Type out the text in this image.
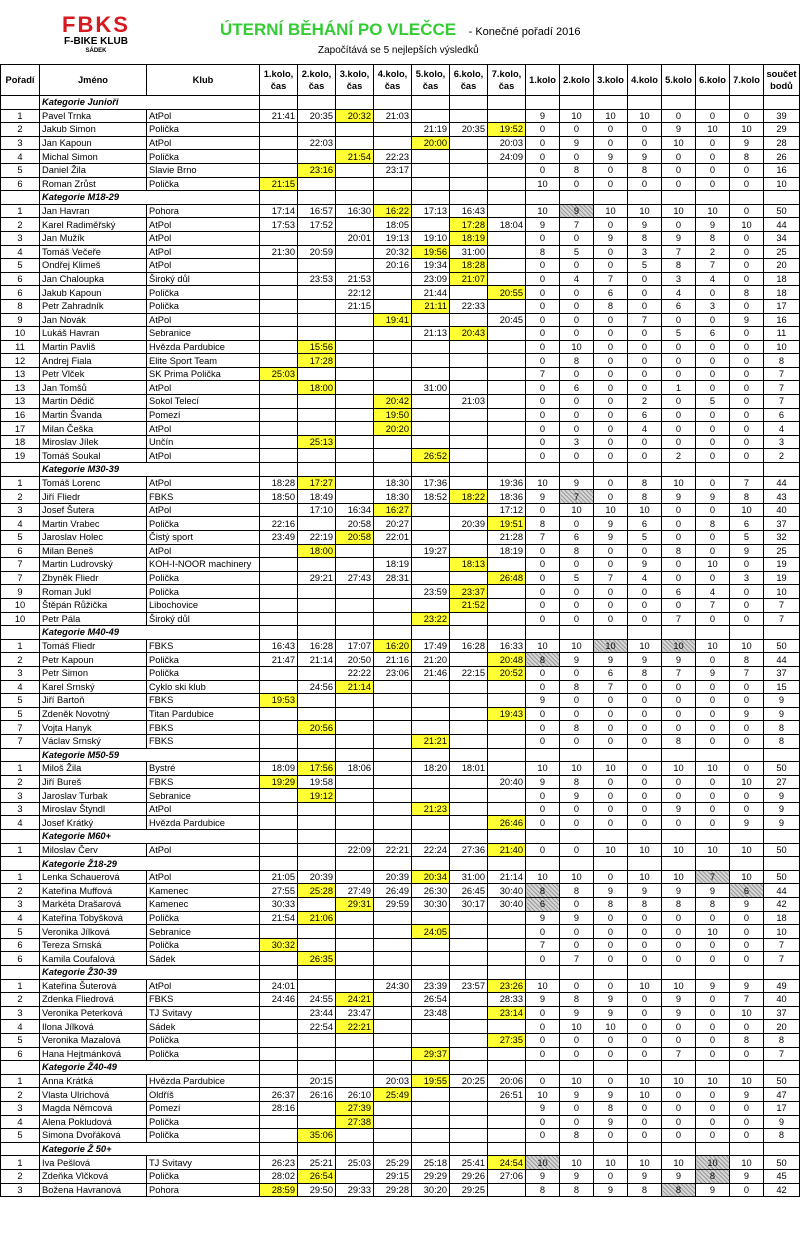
FBKS
F-BIKE KLUB
SÁDEK
ÚTERNÍ BĚHÁNÍ PO VLEČCE - Konečné pořadí 2016
Započítává se 5 nejlepších výsledků
Pořadí	Jméno	Klub	1.kolo, čas	2.kolo, čas	3.kolo, čas	4.kolo, čas	5.kolo, čas	6.kolo, čas	7.kolo, čas	1.kolo	2.kolo	3.kolo	4.kolo	5.kolo	6.kolo	7.kolo	součet bodů
	Kategorie Junioři																
1	Pavel Trnka	AtPol	21:41	20:35	20:32	21:03				9	10	10	10	0	0	0	39
2	Jakub Simon	Polička					21:19	20:35	19:52	0	0	0	0	9	10	10	29
3	Jan Kapoun	AtPol		22:03			20:00		20:03	0	9	0	0	10	0	9	28
4	Michal Simon	Polička			21:54	22:23			24:09	0	0	9	9	0	0	8	26
5	Daniel Žila	Slavie Brno		23:16		23:17				0	8	0	8	0	0	0	16
6	Roman Zrůst	Polička	21:15							10	0	0	0	0	0	0	10
	Kategorie M18-29																
1	Jan Havran	Pohora	17:14	16:57	16:30	16:22	17:13	16:43		10	9	10	10	10	10	0	50
2	Karel Radiměřský	AtPol	17:53	17:52		18:05		17:28	18:04	9	7	0	9	0	9	10	44
3	Jan Mužík	AtPol			20:01	19:13	19:10	18:19		0	0	9	8	9	8	0	34
4	Tomáš Večeře	AtPol	21:30	20:59		20:32	19:56	31:00		8	5	0	3	7	2	0	25
5	Ondřej Klimeš	AtPol				20:16	19:34	18:28		0	0	0	5	8	7	0	20
6	Jan Chaloupka	Široký důl		23:53	21:53		23:09	21:07		0	4	7	0	3	4	0	18
6	Jakub Kapoun	Polička			22:12		21:44		20:55	0	0	6	0	4	0	8	18
8	Petr Zahradník	Polička			21:15		21:11	22:33		0	0	8	0	6	3	0	17
9	Jan Novák	AtPol				19:41			20:45	0	0	0	7	0	0	9	16
10	Lukáš Havran	Sebranice					21:13	20:43		0	0	0	0	5	6	0	11
11	Martin Pavliš	Hvězda Pardubice		15:56						0	10	0	0	0	0	0	10
12	Andrej Fiala	Elite Sport Team		17:28						0	8	0	0	0	0	0	8
13	Petr Vlček	SK Prima Polička	25:03							7	0	0	0	0	0	0	7
13	Jan Tomšů	AtPol		18:00			31:00			0	6	0	0	1	0	0	7
13	Martin Dědič	Sokol Telecí				20:42		21:03		0	0	0	2	0	5	0	7
16	Martin Švanda	Pomezí				19:50				0	0	0	6	0	0	0	6
17	Milan Češka	AtPol				20:20				0	0	0	4	0	0	0	4
18	Miroslav Jílek	Unčín		25:13						0	3	0	0	0	0	0	3
19	Tomáš Soukal	AtPol					26:52			0	0	0	0	2	0	0	2
	Kategorie M30-39																
1	Tomáš Lorenc	AtPol	18:28	17:27		18:30	17:36		19:36	10	9	0	8	10	0	7	44
2	Jiří Fliedr	FBKS	18:50	18:49		18:30	18:52	18:22	18:36	9	7	0	8	9	9	8	43
3	Josef Šutera	AtPol		17:10	16:34	16:27			17:12	0	10	10	10	0	0	10	40
4	Martin Vrabec	Polička	22:16		20:58	20:27		20:39	19:51	8	0	9	6	0	8	6	37
5	Jaroslav Holec	Čistý sport	23:49	22:19	20:58	22:01			21:28	7	6	9	5	0	0	5	32
6	Milan Beneš	AtPol		18:00			19:27		18:19	0	8	0	0	8	0	9	25
7	Martin Ludrovský	KOH-I-NOOR machinery				18:19		18:13		0	0	0	9	0	10	0	19
7	Zbyněk Fliedr	Polička		29:21	27:43	28:31			26:48	0	5	7	4	0	0	3	19
9	Roman Jukl	Polička					23:59	23:37		0	0	0	0	6	4	0	10
10	Štěpán Růžička	Libochovice						21:52		0	0	0	0	0	7	0	7
10	Petr Pála	Široký důl					23:22			0	0	0	0	7	0	0	7
	Kategorie M40-49																
1	Tomáš Fliedr	FBKS	16:43	16:28	17:07	16:20	17:49	16:28	16:33	10	10	10	10	10	10	10	50
2	Petr Kapoun	Polička	21:47	21:14	20:50	21:16	21:20		20:48	8	9	9	9	9	0	8	44
3	Petr Simon	Polička			22:22	23:06	21:46	22:15	20:52	0	0	6	8	7	9	7	37
4	Karel Srnský	Cyklo ski klub		24:56	21:14					0	8	7	0	0	0	0	15
5	Jiří Bartoň	FBKS	19:53							9	0	0	0	0	0	0	9
5	Zdeněk Novotný	Titan Pardubice							19:43	0	0	0	0	0	0	9	9
7	Vojta Hanyk	FBKS		20:56						0	8	0	0	0	0	0	8
7	Václav Srnský	FBKS					21:21			0	0	0	0	8	0	0	8
	Kategorie M50-59																
1	Miloš Žila	Bystré	18:09	17:56	18:06		18:20	18:01		10	10	10	0	10	10	0	50
2	Jiří Bureš	FBKS	19:29	19:58					20:40	9	8	0	0	0	0	10	27
3	Jaroslav Turbak	Sebranice		19:12						0	9	0	0	0	0	0	9
3	Miroslav Štyndl	AtPol					21:23			0	0	0	0	9	0	0	9
4	Josef Krátký	Hvězda Pardubice							26:46	0	0	0	0	0	0	9	9
	Kategorie M60+																
1	Miloslav Červ	AtPol			22:09	22:21	22:24	27:36	21:40	0	0	10	10	10	10	10	50
	Kategorie Ž18-29																
1	Lenka Schauerová	AtPol	21:05	20:39		20:39	20:34	31:00	21:14	10	10	0	10	10	7	10	50
2	Kateřina Muffová	Kamenec	27:55	25:28	27:49	26:49	26:30	26:45	30:40	8	8	9	9	9	9	6	44
3	Markéta Drašarová	Kamenec	30:33		29:31	29:59	30:30	30:17	30:40	6	0	8	8	8	8	9	42
4	Kateřina Tobyšková	Polička	21:54	21:06						9	9	0	0	0	0	0	18
5	Veronika Jílková	Sebranice					24:05			0	0	0	0	0	10	0	10
6	Tereza Srnská	Polička	30:32							7	0	0	0	0	0	0	7
6	Kamila Coufalová	Sádek		26:35						0	7	0	0	0	0	0	7
	Kategorie Ž30-39																
1	Kateřina Šuterová	AtPol	24:01			24:30	23:39	23:57	23:26	10	0	0	10	10	9	9	49
2	Zdenka Fliedrová	FBKS	24:46	24:55	24:21		26:54		28:33	9	8	9	0	9	0	7	40
3	Veronika Peterková	TJ Svitavy		23:44	23:47		23:48		23:14	0	9	9	0	9	0	10	37
4	Ilona Jílková	Sádek		22:54	22:21					0	10	10	0	0	0	0	20
5	Veronika Mazalová	Polička							27:35	0	0	0	0	0	0	8	8
6	Hana Hejtmánková	Polička					29:37			0	0	0	0	7	0	0	7
	Kategorie Ž40-49																
1	Anna Krátká	Hvězda Pardubice		20:15		20:03	19:55	20:25	20:06	0	10	0	10	10	10	10	50
2	Vlasta Ulrichová	Oldříš	26:37	26:16	26:10	25:49			26:51	10	9	9	10	0	0	9	47
3	Magda Němcová	Pomezí	28:16		27:39					9	0	8	0	0	0	0	17
4	Alena Pokludová	Polička			27:38					0	0	9	0	0	0	0	9
5	Simona Dvořáková	Polička		35:06						0	8	0	0	0	0	0	8
	Kategorie Ž 50+																
1	Iva Pešlová	TJ Svitavy	26:23	25:21	25:03	25:29	25:18	25:41	24:54	10	10	10	10	10	10	10	50
2	Zdeňka Vlčková	Polička	28:02	26:54		29:15	29:29	29:26	27:06	9	9	0	9	9	8	9	45
3	Božena Havranová	Pohora	28:59	29:50	29:33	29:28	30:20	29:25		8	8	9	8	8	9	0	42
